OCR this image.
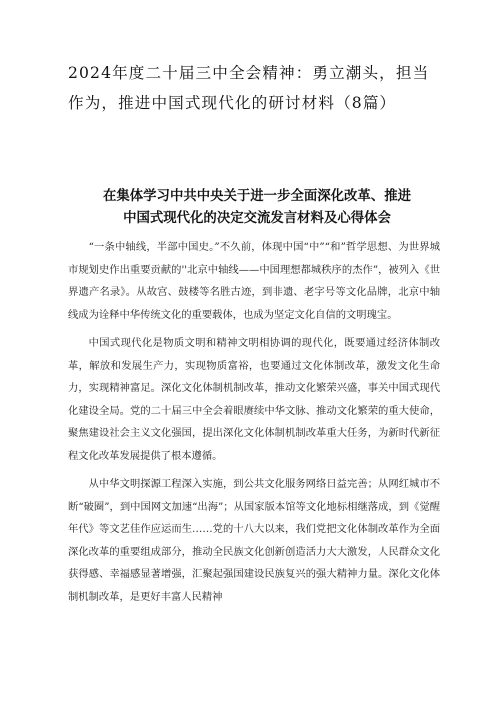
2024年度二十届三中全会精神：勇立潮头，担当作为，推进中国式现代化的研讨材料（8篇）
在集体学习中共中央关于进一步全面深化改革、推进
中国式现代化的决定交流发言材料及心得体会

“一条中轴线，半部中国史。”不久前，体现中国“中”“和”哲学思想、为世界城市规划史作出重要贡献的''北京中轴线——中国理想都城秩序的杰作”，被列入《世界遗产名录》。从故宫、鼓楼等名胜古迹，到非遗、老字号等文化品牌，北京中轴线成为诠释中华传统文化的重要载体，也成为坚定文化自信的文明瑰宝。

中国式现代化是物质文明和精神文明相协调的现代化，既要通过经济体制改革，解放和发展生产力，实现物质富裕，也要通过文化体制改革，激发文化生命力，实现精神富足。深化文化体制机制改革，推动文化繁荣兴盛，事关中国式现代化建设全局。党的二十届三中全会着眼赓续中华文脉、推动文化繁荣的重大使命，聚焦建设社会主义文化强国，提出深化文化体制机制改革重大任务，为新时代新征程文化改革发展提供了根本遵循。

从中华文明探源工程深入实施，到公共文化服务网络日益完善；从网红城市不断“破圈”，到中国网文加速“出海”；从国家版本馆等文化地标相继落成，到《觉醒年代》等文艺佳作应运而生……党的十八大以来，我们党把文化体制改革作为全面深化改革的重要组成部分，推动全民族文化创新创造活力大大激发，人民群众文化获得感、幸福感显著增强，汇聚起强国建设民族复兴的强大精神力量。深化文化体制机制改革，是更好丰富人民精神
